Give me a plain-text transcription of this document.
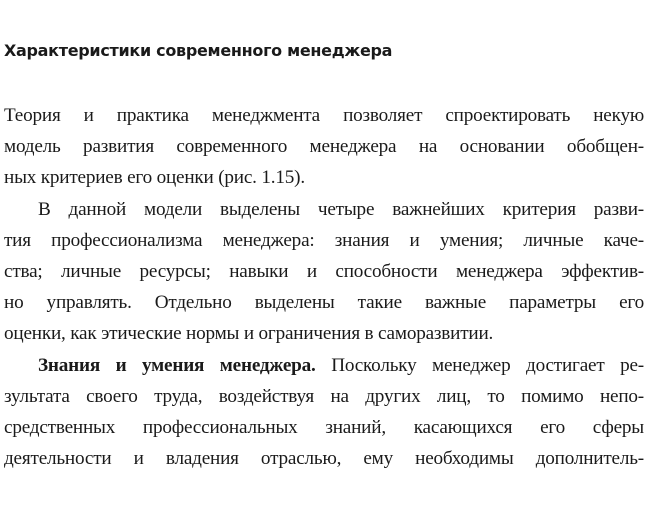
Характеристики современного менеджера
Теория и практика менеджмента позволяет спроектировать некую
модель развития современного менеджера на основании обобщен-
ных критериев его оценки (рис. 1.15).
В данной модели выделены четыре важнейших критерия разви-
тия профессионализма менеджера: знания и умения; личные каче-
ства; личные ресурсы; навыки и способности менеджера эффектив-
но управлять. Отдельно выделены такие важные параметры его
оценки, как этические нормы и ограничения в саморазвитии.
Знания и умения менеджера. Поскольку менеджер достигает ре-
зультата своего труда, воздействуя на других лиц, то помимо непо-
средственных профессиональных знаний, касающихся его сферы
деятельности и владения отраслью, ему необходимы дополнитель-
